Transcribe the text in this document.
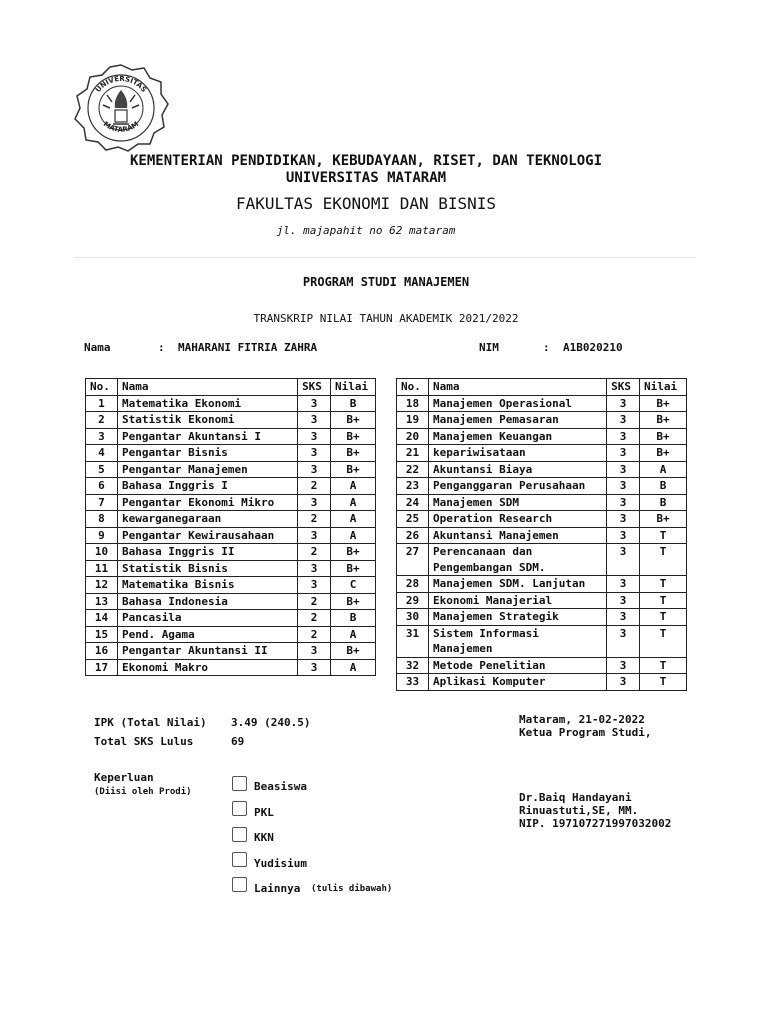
UNIVERSITAS
MATARAM
KEMENTERIAN PENDIDIKAN, KEBUDAYAAN, RISET, DAN TEKNOLOGI
UNIVERSITAS MATARAM
FAKULTAS EKONOMI DAN BISNIS
jl. majapahit no 62 mataram
PROGRAM STUDI MANAJEMEN
TRANSKRIP NILAI TAHUN AKADEMIK 2021/2022
Nama	: MAHARANI FITRIA ZAHRA	NIM	: A1B020210
No.	Nama	SKS	Nilai
1	Matematika Ekonomi	3	B
2	Statistik Ekonomi	3	B+
3	Pengantar Akuntansi I	3	B+
4	Pengantar Bisnis	3	B+
5	Pengantar Manajemen	3	B+
6	Bahasa Inggris I	2	A
7	Pengantar Ekonomi Mikro	3	A
8	kewarganegaraan	2	A
9	Pengantar Kewirausahaan	3	A
10	Bahasa Inggris II	2	B+
11	Statistik Bisnis	3	B+
12	Matematika Bisnis	3	C
13	Bahasa Indonesia	2	B+
14	Pancasila	2	B
15	Pend. Agama	2	A
16	Pengantar Akuntansi II	3	B+
17	Ekonomi Makro	3	A
No.	Nama	SKS	Nilai
18	Manajemen Operasional	3	B+
19	Manajemen Pemasaran	3	B+
20	Manajemen Keuangan	3	B+
21	kepariwisataan	3	B+
22	Akuntansi Biaya	3	A
23	Penganggaran Perusahaan	3	B
24	Manajemen SDM	3	B
25	Operation Research	3	B+
26	Akuntansi Manajemen	3	T
27	Perencanaan dan
Pengembangan SDM.	3	T
28	Manajemen SDM. Lanjutan	3	T
29	Ekonomi Manajerial	3	T
30	Manajemen Strategik	3	T
31	Sistem Informasi
Manajemen	3	T
32	Metode Penelitian	3	T
33	Aplikasi Komputer	3	T
IPK (Total Nilai) 3.49 (240.5)
Total SKS Lulus	69
Mataram, 21-02-2022
Ketua Program Studi,
Dr.Baiq Handayani
Rinuastuti,SE, MM.
NIP. 197107271997032002
Keperluan
(Diisi oleh Prodi)	Beasiswa
PKL
KKN
Yudisium
Lainnya (tulis dibawah)
